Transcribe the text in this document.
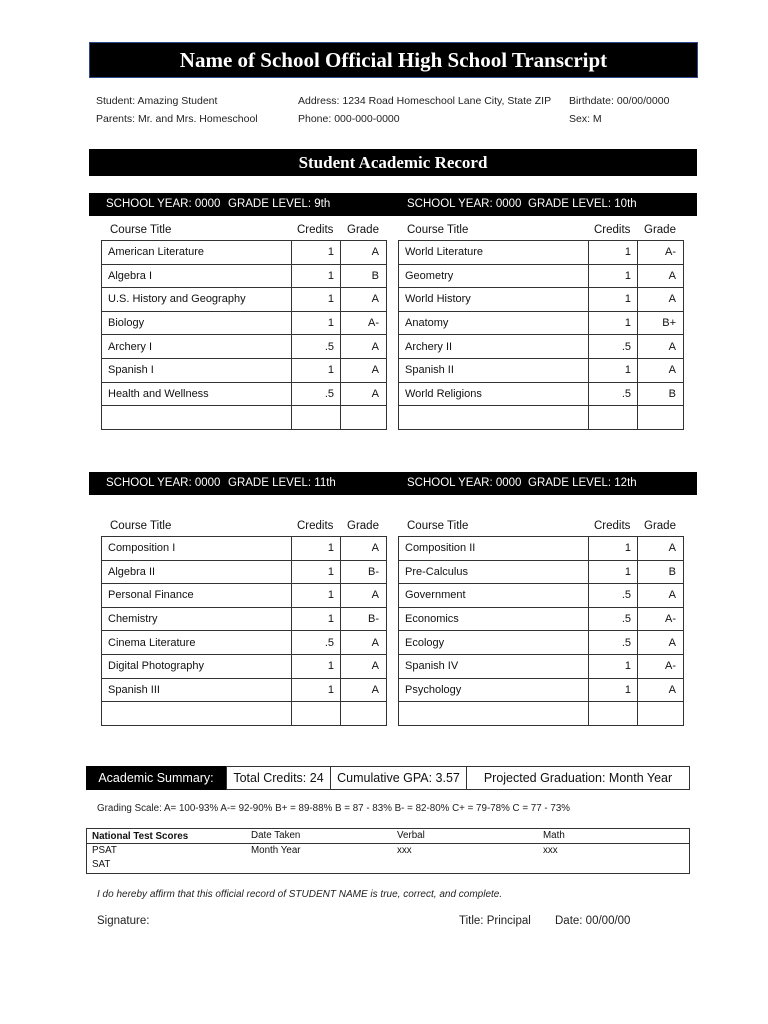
Name of School Official High School Transcript
Student: Amazing Student
Parents: Mr. and Mrs. Homeschool
Address: 1234 Road Homeschool Lane City, State ZIP
Phone: 000-000-0000
Birthdate: 00/00/0000
Sex: M
Student Academic Record
SCHOOL YEAR: 0000 GRADE LEVEL: 9th	SCHOOL YEAR: 0000 GRADE LEVEL: 10th
SCHOOL YEAR: 0000 GRADE LEVEL: 11th	SCHOOL YEAR: 0000 GRADE LEVEL: 12th
Course Title	Credits Grade
American Literature	1	A
Algebra I	1	B
U.S. History and Geography	1	A
Biology	1	A-
Archery I	.5	A
Spanish I	1	A
Health and Wellness	.5	A

Course Title	Credits Grade
World Literature	1	A-
Geometry	1	A
World History	1	A
Anatomy	1	B+
Archery II	.5	A
Spanish II	1	A
World Religions	.5	B

Course Title	Credits Grade
Composition I	1	A
Algebra II	1	B-
Personal Finance	1	A
Chemistry	1	B-
Cinema Literature	.5	A
Digital Photography	1	A
Spanish III	1	A

Course Title	Credits Grade
Composition II	1	A
Pre-Calculus	1	B
Government	.5	A
Economics	.5	A-
Ecology	.5	A
Spanish IV	1	A-
Psychology	1	A

Academic Summary:	Total Credits: 24	Cumulative GPA: 3.57	Projected Graduation: Month Year
Grading Scale: A= 100-93% A-= 92-90% B+ = 89-88% B = 87 - 83% B- = 82-80% C+ = 79-78% C = 77 - 73%
National Test Scores	Date Taken	Verbal	Math
PSAT	Month Year	xxx	xxx
SAT
I do hereby affirm that this official record of STUDENT NAME is true, correct, and complete.
Signature:	Title: Principal Date: 00/00/00
